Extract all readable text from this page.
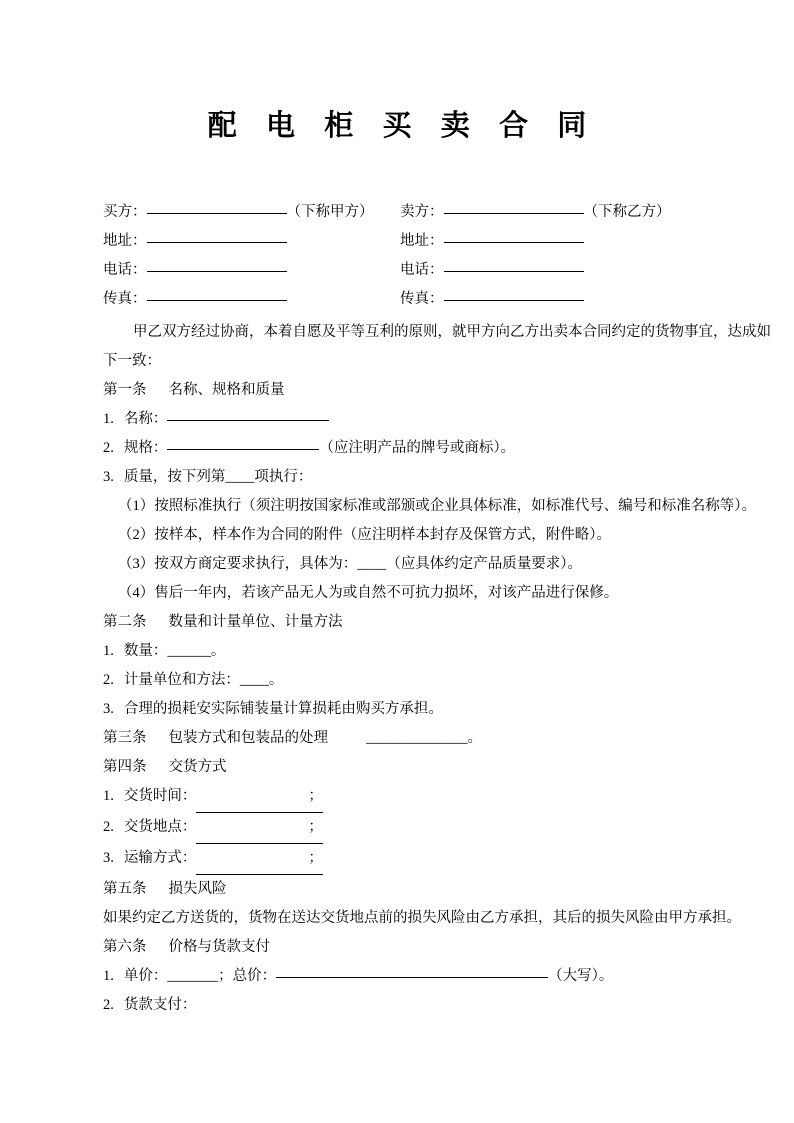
配 电 柜 买 卖 合 同
买方：	（下称甲方） 卖方：	（下称乙方）
地址：	地址：
电话：	电话：
传真：	传真：

甲乙双方经过协商，本着自愿及平等互利的原则，就甲方向乙方出卖本合同约定的货物事宜，达成如下一致：

第一条 名称、规格和质量

1. 名称：

2. 规格：	（应注明产品的牌号或商标）。

3. 质量，按下列第____项执行：

（1）按照标准执行（须注明按国家标准或部颁或企业具体标准，如标准代号、编号和标准名称等）。

（2）按样本，样本作为合同的附件（应注明样本封存及保管方式，附件略）。

（3）按双方商定要求执行，具体为：____（应具体约定产品质量要求）。

（4）售后一年内，若该产品无人为或自然不可抗力损坏，对该产品进行保修。

第二条 数量和计量单位、计量方法

1. 数量：______。

2. 计量单位和方法：____。

3. 合理的损耗安实际铺装量计算损耗由购买方承担。

第三条 包装方式和包装品的处理	______________。

第四条 交货方式

1. 交货时间：	；

2. 交货地点：	；

3. 运输方式：	；

第五条 损失风险

如果约定乙方送货的，货物在送达交货地点前的损失风险由乙方承担，其后的损失风险由甲方承担。

第六条 价格与货款支付

1. 单价：_______；总价：	（大写）。

2. 货款支付：
